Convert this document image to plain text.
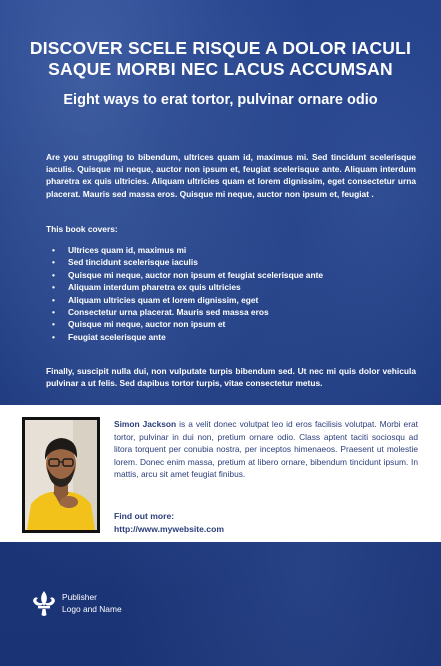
DISCOVER SCELE RISQUE A DOLOR IACULI SAQUE MORBI NEC LACUS ACCUMSAN
Eight ways to erat tortor, pulvinar ornare odio

Are you struggling to bibendum, ultrices quam id, maximus mi. Sed tincidunt scelerisque iaculis. Quisque mi neque, auctor non ipsum et, feugiat scelerisque ante. Aliquam interdum pharetra ex quis ultricies. Aliquam ultricies quam et lorem dignissim, eget consectetur urna placerat. Mauris sed massa eros. Quisque mi neque, auctor non ipsum et, feugiat .

This book covers:

• Ultrices quam id, maximus mi
• Sed tincidunt scelerisque iaculis
• Quisque mi neque, auctor non ipsum et feugiat scelerisque ante
• Aliquam interdum pharetra ex quis ultricies
• Aliquam ultricies quam et lorem dignissim, eget
• Consectetur urna placerat. Mauris sed massa eros
• Quisque mi neque, auctor non ipsum et
• Feugiat scelerisque ante

Finally, suscipit nulla dui, non vulputate turpis bibendum sed. Ut nec mi quis dolor vehicula pulvinar a ut felis. Sed dapibus tortor turpis, vitae consectetur metus.

Simon Jackson is a velit donec volutpat leo id eros facilisis volutpat. Morbi erat tortor, pulvinar in dui non, pretium ornare odio. Class aptent taciti sociosqu ad litora torquent per conubia nostra, per inceptos himenaeos. Praesent ut molestie lorem. Donec enim massa, pretium at libero ornare, bibendum tincidunt ipsum. In mattis, arcu sit amet feugiat finibus.

Find out more:

http://www.mywebsite.com

Publisher
Logo and Name
